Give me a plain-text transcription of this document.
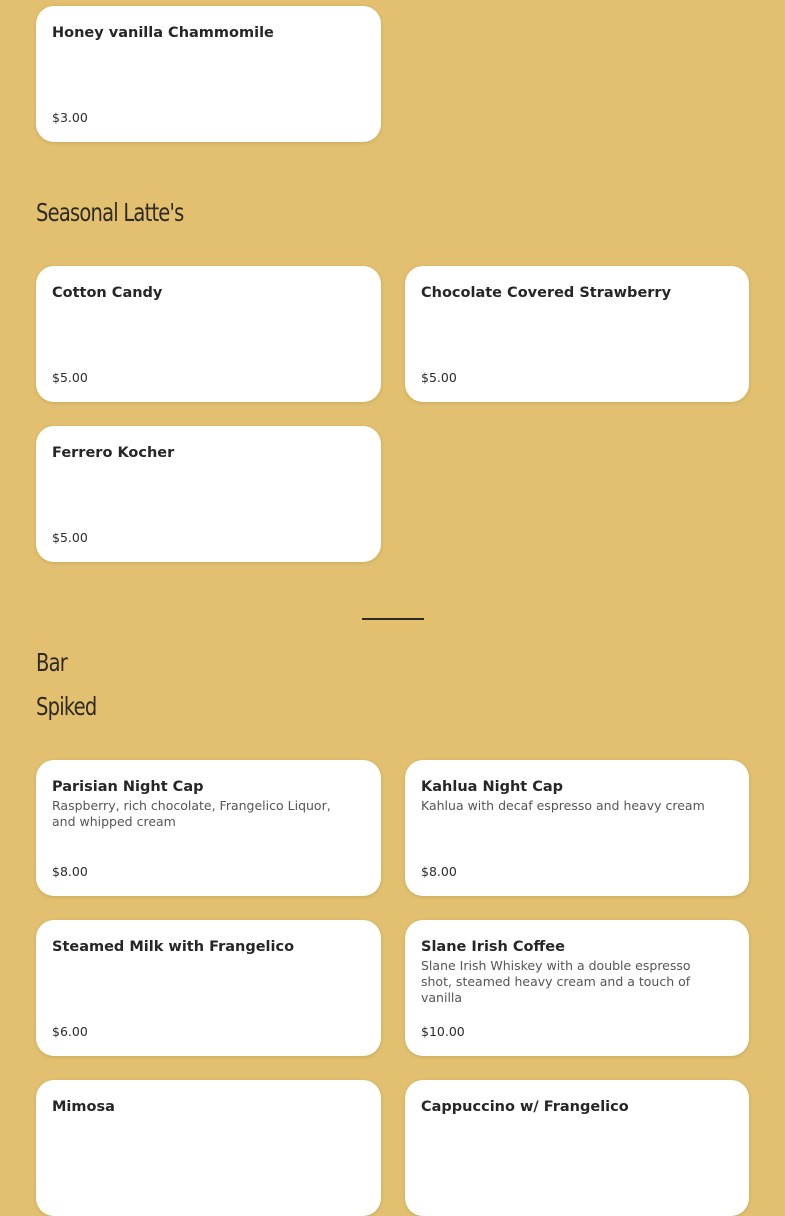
Honey vanilla Chammomile
$3.00
Seasonal Latte's
Cotton Candy
$5.00
Chocolate Covered Strawberry
$5.00
Ferrero Kocher
$5.00
Bar
Spiked
Parisian Night Cap
Raspberry, rich chocolate, Frangelico Liquor, and whipped cream
$8.00
Kahlua Night Cap
Kahlua with decaf espresso and heavy cream
$8.00
Steamed Milk with Frangelico
$6.00
Slane Irish Coffee
Slane Irish Whiskey with a double espresso shot, steamed heavy cream and a touch of vanilla
$10.00
Mimosa	Cappuccino w/ Frangelico
